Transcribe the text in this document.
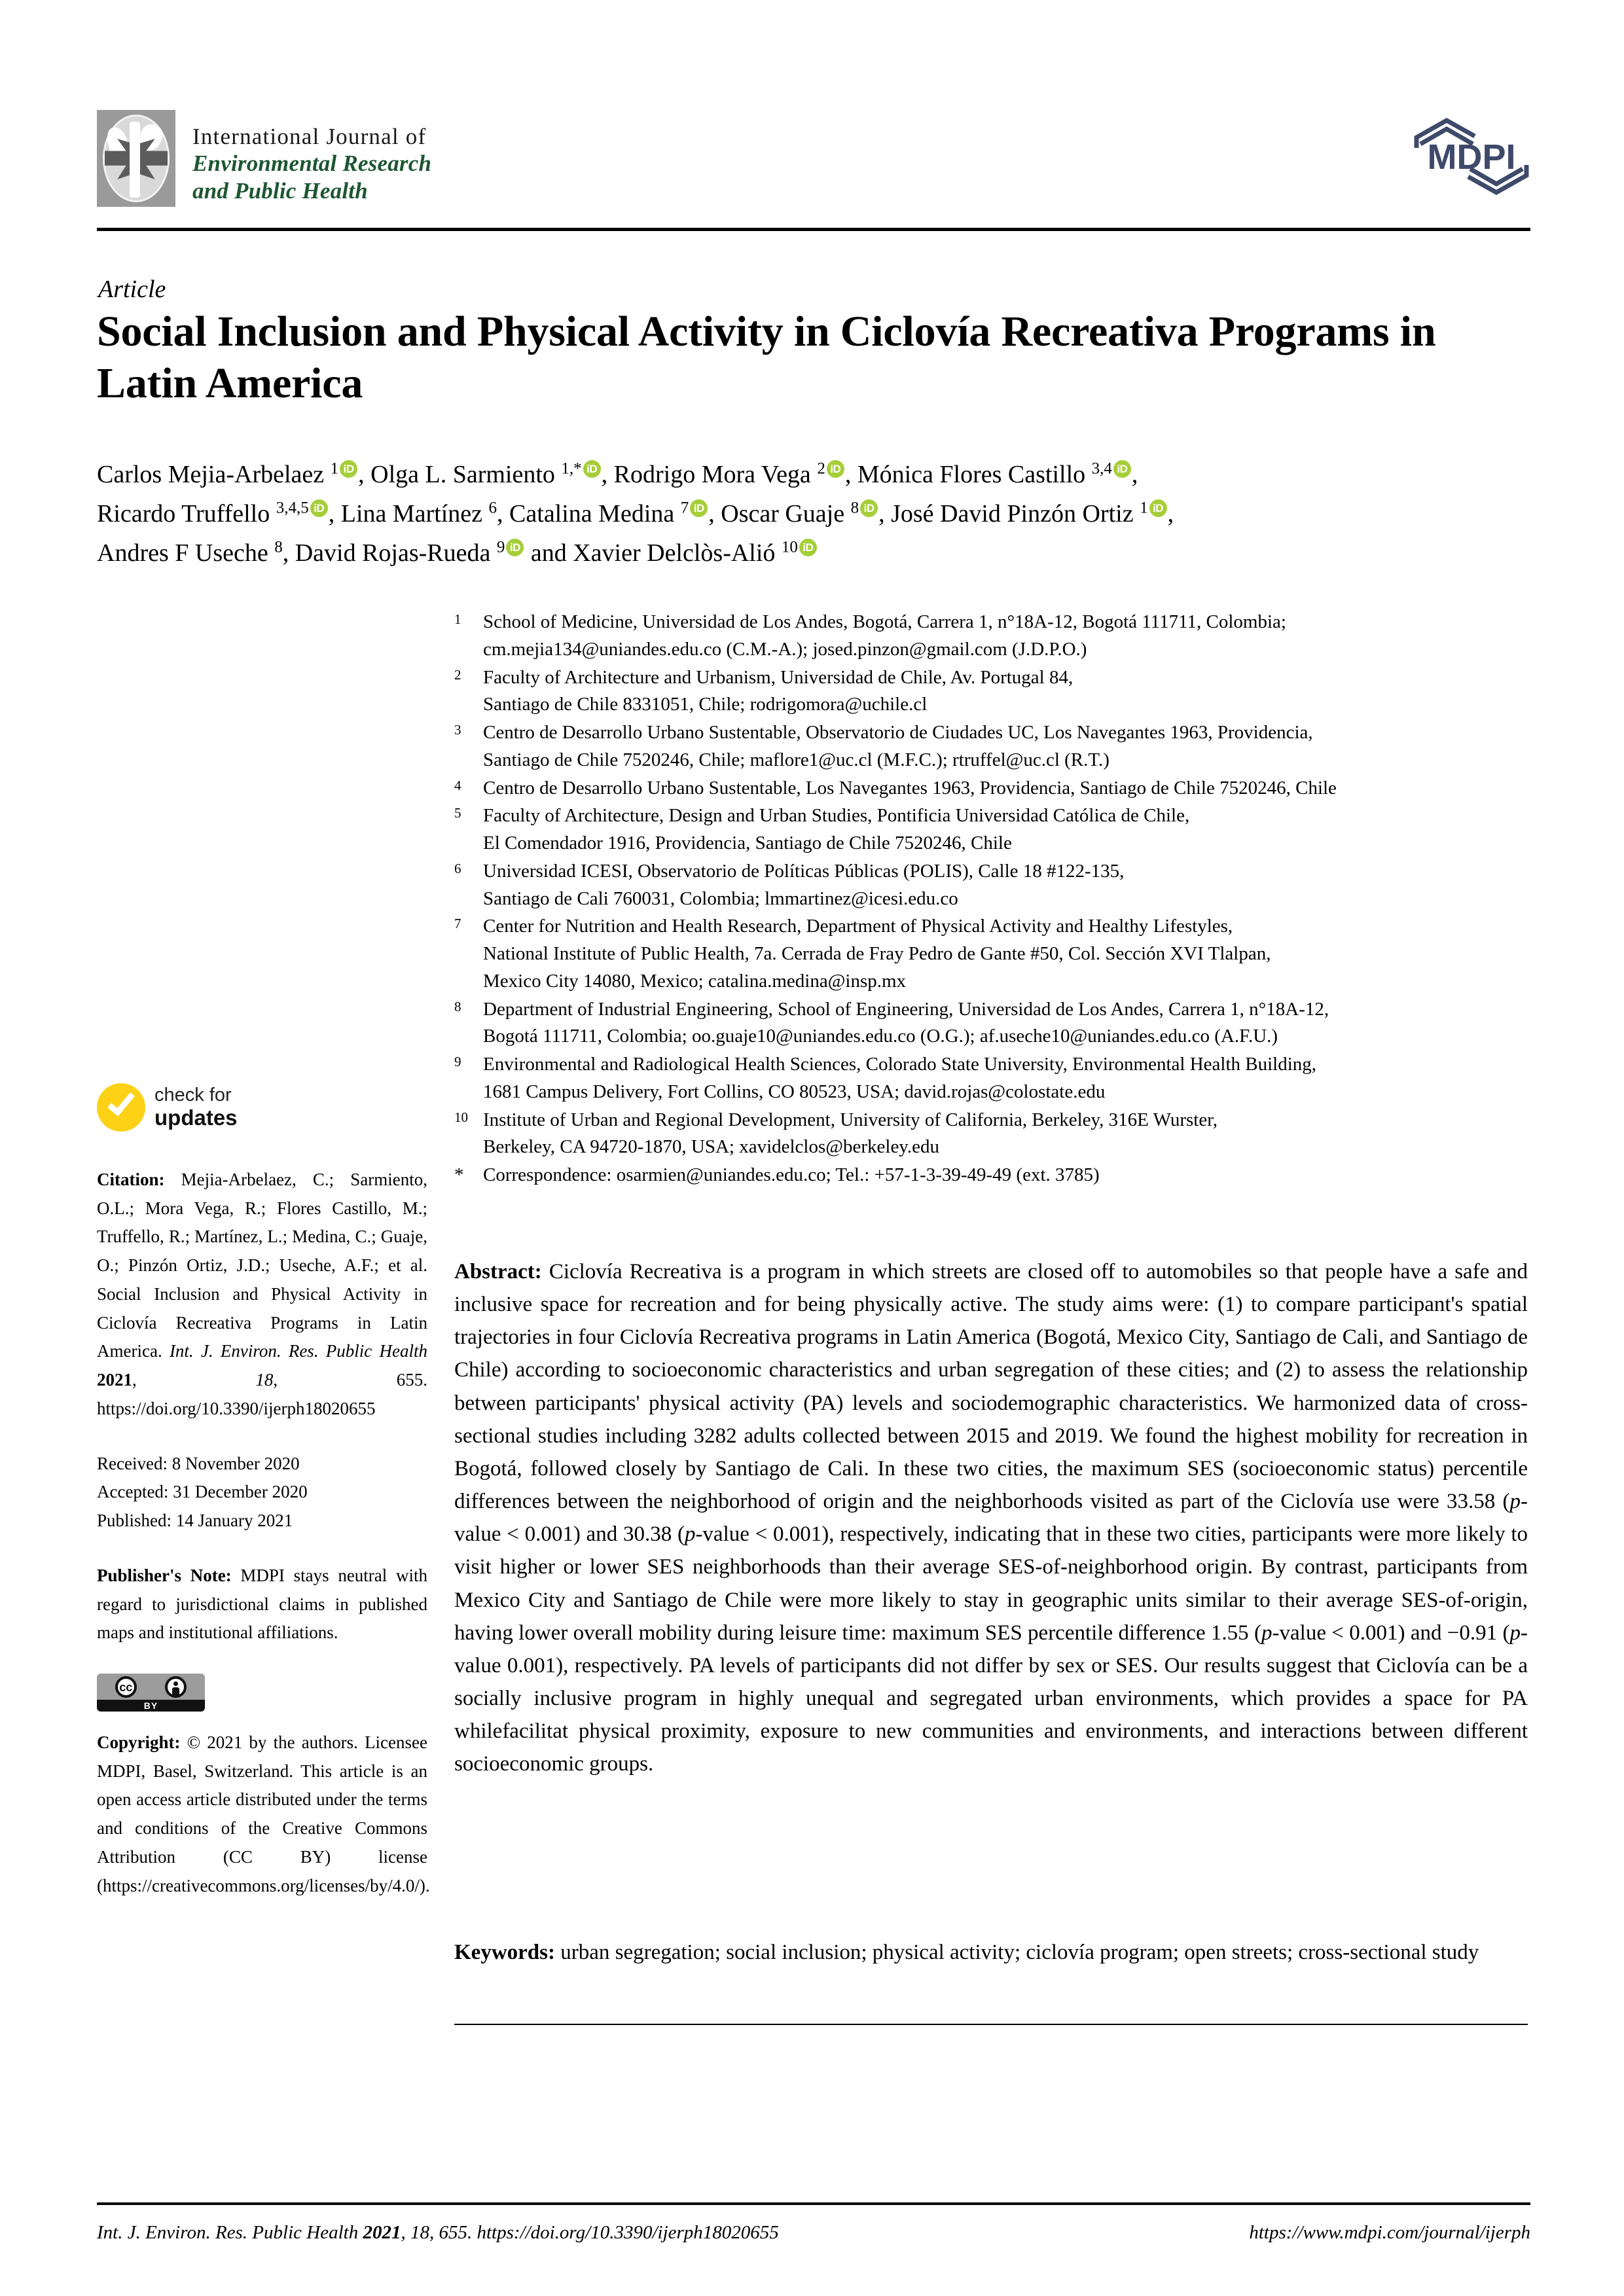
International Journal of
Environmental Research
and Public Health
MDPI
Article
Social Inclusion and Physical Activity in Ciclovía Recreativa Programs in Latin America
Carlos Mejia-Arbelaez $^1$ iD , Olga L. Sarmiento $^{1,*}$ iD , Rodrigo Mora Vega $^2$ iD , Mónica Flores Castillo $^{3,4}$ iD ,
Ricardo Truffello $^{3,4,5}$ iD , Lina Martínez $^6$, Catalina Medina $^7$ iD , Oscar Guaje $^8$ iD , José David Pinzón Ortiz $^1$ iD ,
Andres F Useche $^8$, David Rojas-Rueda $^9$iD and Xavier Delclòs-Alió $^{10}$iD
1	School of Medicine, Universidad de Los Andes, Bogotá, Carrera 1, n°18A-12, Bogotá 111711, Colombia;
cm.mejia134@uniandes.edu.co (C.M.-A.); josed.pinzon@gmail.com (J.D.P.O.)
2	Faculty of Architecture and Urbanism, Universidad de Chile, Av. Portugal 84,
Santiago de Chile 8331051, Chile; rodrigomora@uchile.cl
3	Centro de Desarrollo Urbano Sustentable, Observatorio de Ciudades UC, Los Navegantes 1963, Providencia,
Santiago de Chile 7520246, Chile; maflore1@uc.cl (M.F.C.); rtruffel@uc.cl (R.T.)
4	Centro de Desarrollo Urbano Sustentable, Los Navegantes 1963, Providencia, Santiago de Chile 7520246, Chile
5	Faculty of Architecture, Design and Urban Studies, Pontificia Universidad Católica de Chile,
El Comendador 1916, Providencia, Santiago de Chile 7520246, Chile
6	Universidad ICESI, Observatorio de Políticas Públicas (POLIS), Calle 18 #122-135,
Santiago de Cali 760031, Colombia; lmmartinez@icesi.edu.co
7	Center for Nutrition and Health Research, Department of Physical Activity and Healthy Lifestyles,
National Institute of Public Health, 7a. Cerrada de Fray Pedro de Gante #50, Col. Sección XVI Tlalpan,
Mexico City 14080, Mexico; catalina.medina@insp.mx
8	Department of Industrial Engineering, School of Engineering, Universidad de Los Andes, Carrera 1, n°18A-12,
Bogotá 111711, Colombia; oo.guaje10@uniandes.edu.co (O.G.); af.useche10@uniandes.edu.co (A.F.U.)
9	Environmental and Radiological Health Sciences, Colorado State University, Environmental Health Building,
1681 Campus Delivery, Fort Collins, CO 80523, USA; david.rojas@colostate.edu
10 Institute of Urban and Regional Development, University of California, Berkeley, 316E Wurster,
Berkeley, CA 94720-1870, USA; xavidelclos@berkeley.edu
*	Correspondence: osarmien@uniandes.edu.co; Tel.: +57-1-3-39-49-49 (ext. 3785)
check for
updates
Citation: Mejia-Arbelaez, C.; Sarmiento, O.L.; Mora Vega, R.; Flores Castillo, M.; Truffello, R.; Martínez, L.; Medina, C.; Guaje, O.; Pinzón Ortiz, J.D.; Useche, A.F.; et al. Social Inclusion and Physical Activity in Ciclovía Recreativa Programs in Latin America. Int. J. Environ. Res. Public Health 2021, 18, 655. https://doi.org/10.3390/ijerph18020655
Received: 8 November 2020
Accepted: 31 December 2020
Published: 14 January 2021
Publisher's Note: MDPI stays neutral with regard to jurisdictional claims in published maps and institutional affiliations.
cc
BY
Copyright: © 2021 by the authors. Licensee MDPI, Basel, Switzerland. This article is an open access article distributed under the terms and conditions of the Creative Commons Attribution (CC BY) license (https://creativecommons.org/licenses/by/4.0/).
Abstract: Ciclovía Recreativa is a program in which streets are closed off to automobiles so that people have a safe and inclusive space for recreation and for being physically active. The study aims were: (1) to compare participant's spatial trajectories in four Ciclovía Recreativa programs in Latin America (Bogotá, Mexico City, Santiago de Cali, and Santiago de Chile) according to socioeconomic characteristics and urban segregation of these cities; and (2) to assess the relationship between participants' physical activity (PA) levels and sociodemographic characteristics. We harmonized data of cross-sectional studies including 3282 adults collected between 2015 and 2019. We found the highest mobility for recreation in Bogotá, followed closely by Santiago de Cali. In these two cities, the maximum SES (socioeconomic status) percentile differences between the neighborhood of origin and the neighborhoods visited as part of the Ciclovía use were 33.58 (p-value < 0.001) and 30.38 (p-value < 0.001), respectively, indicating that in these two cities, participants were more likely to visit higher or lower SES neighborhoods than their average SES-of-neighborhood origin. By contrast, participants from Mexico City and Santiago de Chile were more likely to stay in geographic units similar to their average SES-of-origin, having lower overall mobility during leisure time: maximum SES percentile difference 1.55 (p-value < 0.001) and −0.91 (p-value 0.001), respectively. PA levels of participants did not differ by sex or SES. Our results suggest that Ciclovía can be a socially inclusive program in highly unequal and segregated urban environments, which provides a space for PA whilefacilitat physical proximity, exposure to new communities and environments, and interactions between different socioeconomic groups.
Keywords: urban segregation; social inclusion; physical activity; ciclovía program; open streets; cross-sectional study
Int. J. Environ. Res. Public Health 2021, 18, 655. https://doi.org/10.3390/ijerph18020655	https://www.mdpi.com/journal/ijerph
